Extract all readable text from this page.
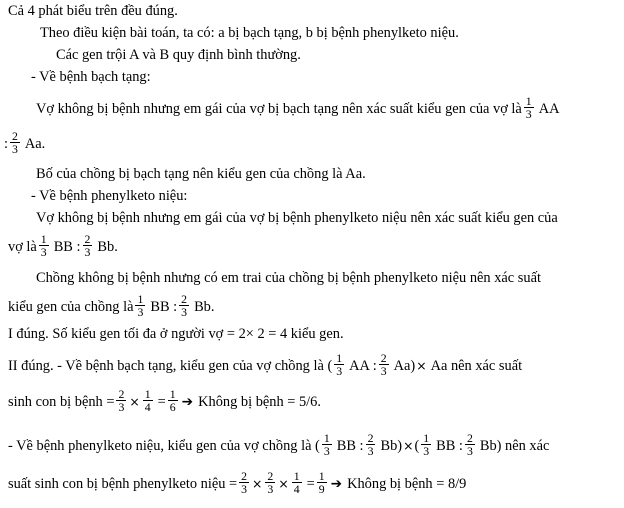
Cả 4 phát biểu trên đều đúng.
Theo điều kiện bài toán, ta có: a bị bạch tạng, b bị bệnh phenylketo niệu.
Các gen trội A và B quy định bình thường.
- Về bệnh bạch tạng:
Vợ không bị bệnh nhưng em gái của vợ bị bạch tạng nên xác suất kiểu gen của vợ là $\frac{1}{3}$ AA
: $\frac{2}{3} Aa$.
Bố của chồng bị bạch tạng nên kiểu gen của chồng là Aa.
- Về bệnh phenylketo niệu:
Vợ không bị bệnh nhưng em gái của vợ bị bệnh phenylketo niệu nên xác suất kiểu gen của
vợ là $\frac{1}{3}$ BB : $\frac{2}{3} Bb$.
Chồng không bị bệnh nhưng có em trai của chồng bị bệnh phenylketo niệu nên xác suất
kiểu gen của chồng là $\frac{1}{3}$ BB : $\frac{2}{3} Bb$.
I đúng. Số kiểu gen tối đa ở người vợ = 2× 2 = 4 kiểu gen.
II đúng. - Về bệnh bạch tạng, kiểu gen của vợ chồng là ( $\frac{1}{3}$ AA : $\frac{2}{3} Aa)\times Aa$ nên xác suất
sinh con bị bệnh = $\frac{2}{3} \times \frac{1}{4} = \frac{1}{6}$ ➔ Không bị bệnh = 5/6.
- Về bệnh phenylketo niệu, kiểu gen của vợ chồng là ( $\frac{1}{3}$ BB : $\frac{2}{3} Bb)\times( \frac{1}{3}$ BB : $\frac{2}{3} Bb$) nên xác
suất sinh con bị bệnh phenylketo niệu = $\frac{2}{3} \times \frac{2}{3} \times \frac{1}{4} = \frac{1}{9}$ ➔ Không bị bệnh = 8/9
